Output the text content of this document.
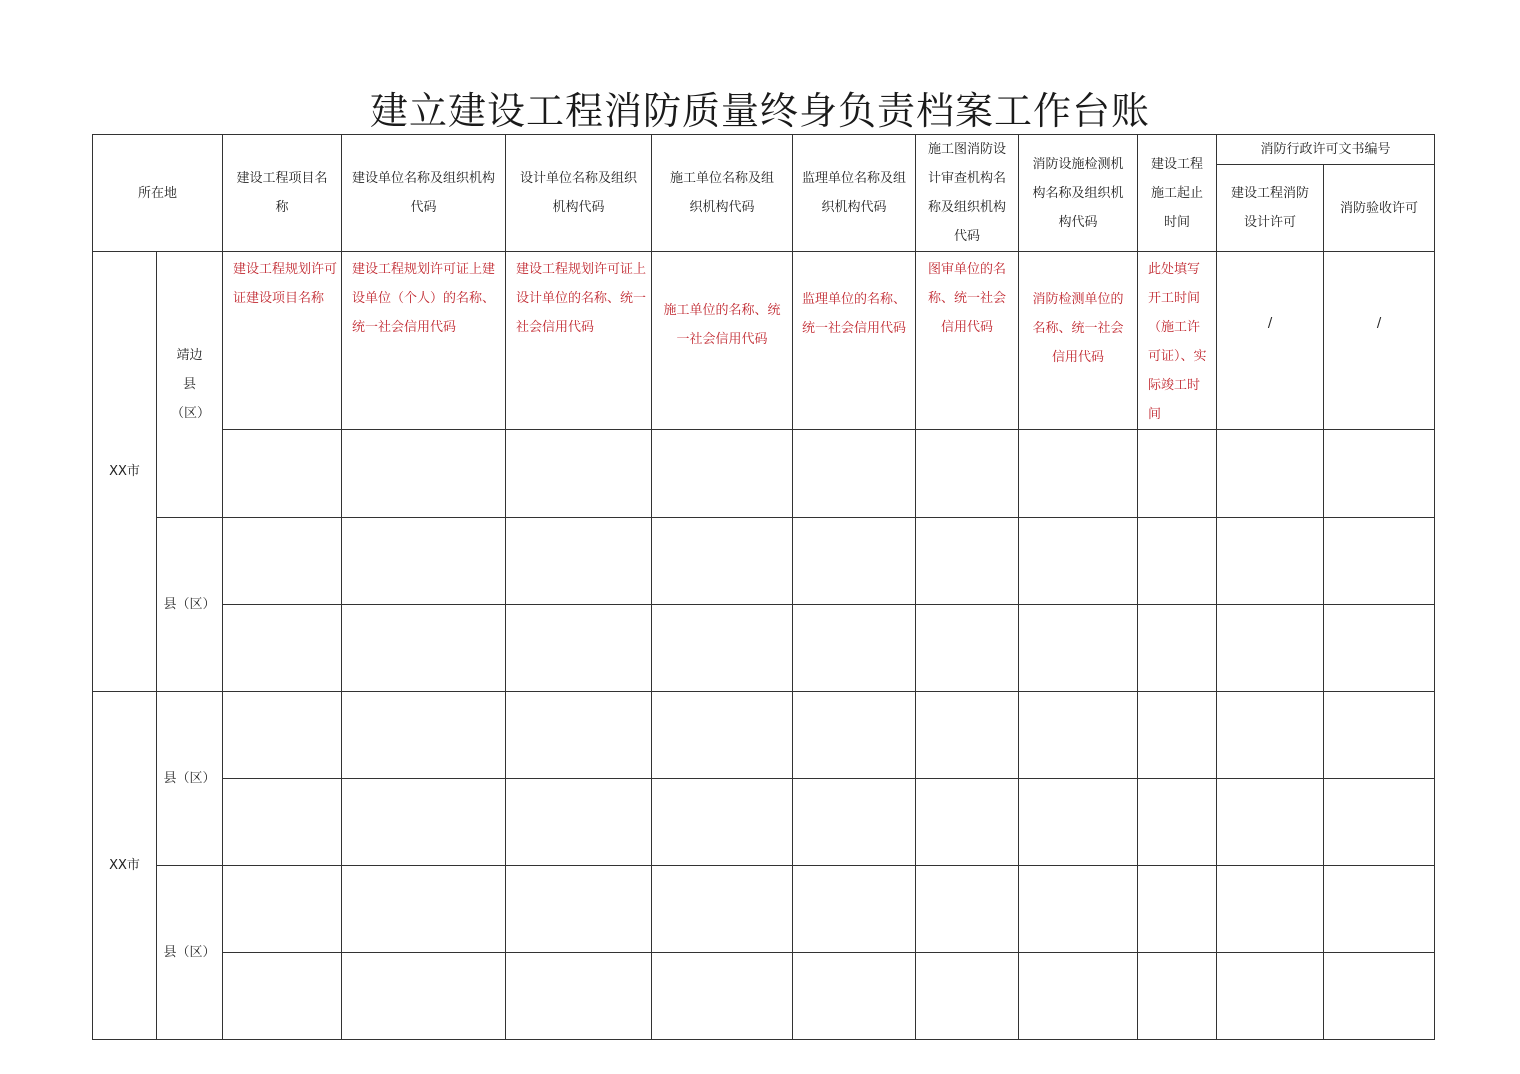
建立建设工程消防质量终身负责档案工作台账
所在地		建设工程项目名称	建设单位名称及组织机构代码	设计单位名称及组织机构代码	施工单位名称及组织机构代码	监理单位名称及组织机构代码	施工图消防设计审查机构名称及组织机构代码	消防设施检测机构名称及组织机构代码	建设工程施工起止时间	消防行政许可文书编号	
										建设工程消防设计许可	消防验收许可
XX市	靖边县（区）	建设工程规划许可证建设项目名称	建设工程规划许可证上建设单位（个人）的名称、统一社会信用代码	建设工程规划许可证上设计单位的名称、统一社会信用代码	施工单位的名称、统一社会信用代码	监理单位的名称、统一社会信用代码	图审单位的名称、统一社会信用代码	消防检测单位的名称、统一社会信用代码	此处填写开工时间（施工许可证）、实际竣工时间	/	/

	县（区）										

XX市	县（区）										

	县（区）										
